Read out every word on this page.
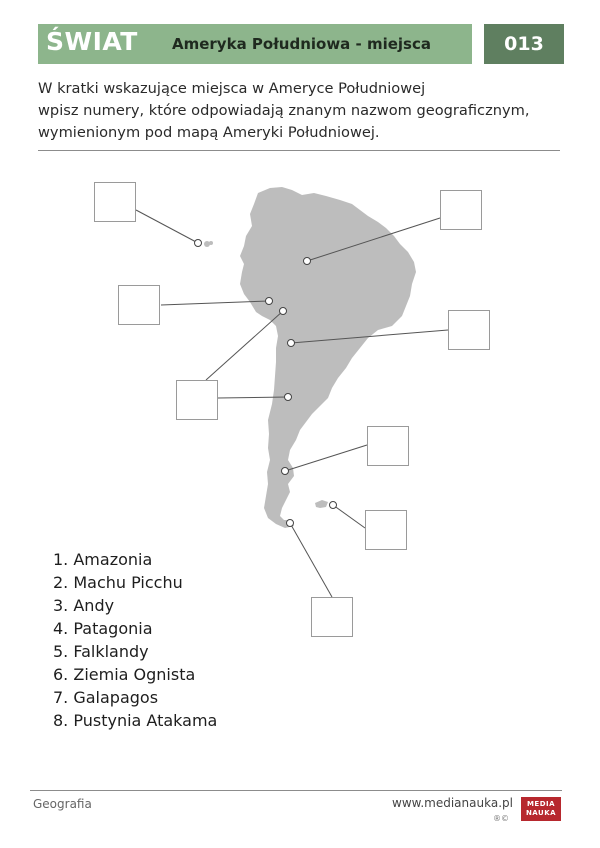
ŚWIAT Ameryka Południowa - miejsca	013
W kratki wskazujące miejsca w Ameryce Południowej
wpisz numery, które odpowiadają znanym nazwom geograficznym,
wymienionym pod mapą Ameryki Południowej.
1. Amazonia
2. Machu Picchu
3. Andy
4. Patagonia
5. Falklandy
6. Ziemia Ognista
7. Galapagos
8. Pustynia Atakama
Geografia	www.medianauka.pl
®©
MEDIA
NAUKA
